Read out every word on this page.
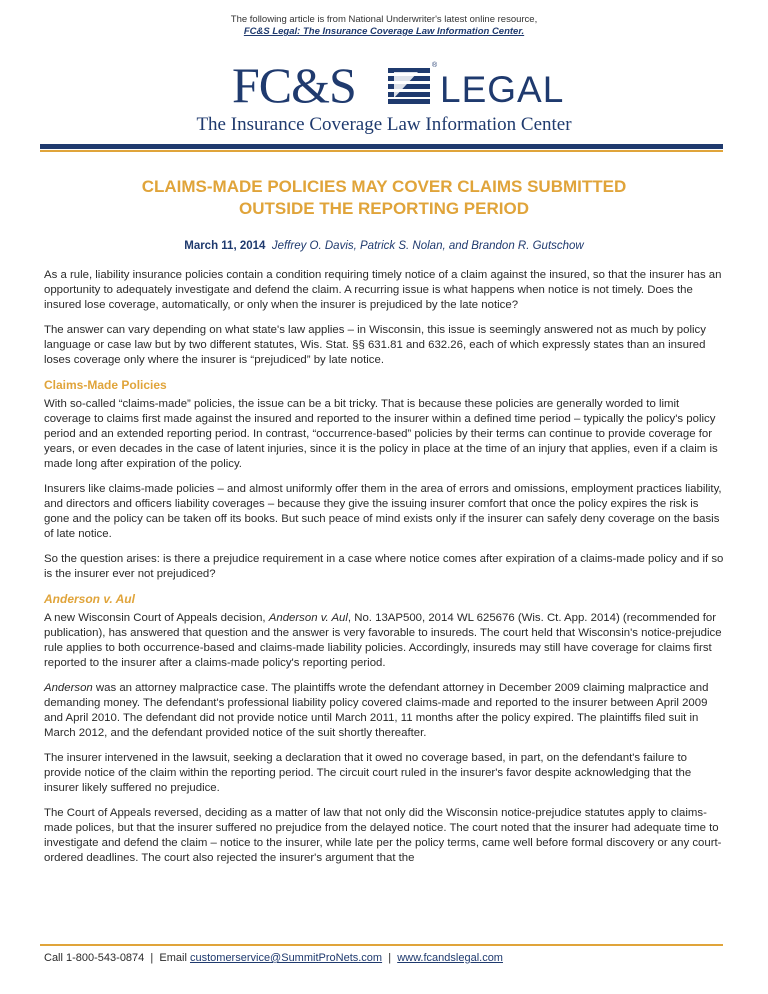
The following article is from National Underwriter's latest online resource,
FC&S Legal: The Insurance Coverage Law Information Center.
FC&S	®
LEGAL
The Insurance Coverage Law Information Center
CLAIMS-MADE POLICIES MAY COVER CLAIMS SUBMITTED
OUTSIDE THE REPORTING PERIOD
March 11, 2014 Jeffrey O. Davis, Patrick S. Nolan, and Brandon R. Gutschow

As a rule, liability insurance policies contain a condition requiring timely notice of a claim against the insured, so that the insurer has an opportunity to adequately investigate and defend the claim. A recurring issue is what happens when notice is not timely. Does the insured lose coverage, automatically, or only when the insurer is prejudiced by the late notice?

The answer can vary depending on what state's law applies – in Wisconsin, this issue is seemingly answered not as much by policy language or case law but by two different statutes, Wis. Stat. §§ 631.81 and 632.26, each of which expressly states than an insured loses coverage only where the insurer is “prejudiced” by late notice.

Claims-Made Policies

With so-called “claims-made” policies, the issue can be a bit tricky. That is because these policies are generally worded to limit coverage to claims first made against the insured and reported to the insurer within a defined time period – typically the policy's policy period and an extended reporting period. In contrast, “occurrence-based” policies by their terms can continue to provide coverage for years, or even decades in the case of latent injuries, since it is the policy in place at the time of an injury that applies, even if a claim is made long after expiration of the policy.

Insurers like claims-made policies – and almost uniformly offer them in the area of errors and omissions, employment practices liability, and directors and officers liability coverages – because they give the issuing insurer comfort that once the policy expires the risk is gone and the policy can be taken off its books. But such peace of mind exists only if the insurer can safely deny coverage on the basis of late notice.

So the question arises: is there a prejudice requirement in a case where notice comes after expiration of a claims-made policy and if so is the insurer ever not prejudiced?

Anderson v. Aul

A new Wisconsin Court of Appeals decision, Anderson v. Aul, No. 13AP500, 2014 WL 625676 (Wis. Ct. App. 2014) (recommended for publication), has answered that question and the answer is very favorable to insureds. The court held that Wisconsin's notice-prejudice rule applies to both occurrence-based and claims-made liability policies. Accordingly, insureds may still have coverage for claims first reported to the insurer after a claims-made policy's reporting period.

Anderson was an attorney malpractice case. The plaintiffs wrote the defendant attorney in December 2009 claiming malpractice and demanding money. The defendant's professional liability policy covered claims-made and reported to the insurer between April 2009 and April 2010. The defendant did not provide notice until March 2011, 11 months after the policy expired. The plaintiffs filed suit in March 2012, and the defendant provided notice of the suit shortly thereafter.

The insurer intervened in the lawsuit, seeking a declaration that it owed no coverage based, in part, on the defendant's failure to provide notice of the claim within the reporting period. The circuit court ruled in the insurer's favor despite acknowledging that the insurer likely suffered no prejudice.

The Court of Appeals reversed, deciding as a matter of law that not only did the Wisconsin notice-prejudice statutes apply to claims-made polices, but that the insurer suffered no prejudice from the delayed notice. The court noted that the insurer had adequate time to investigate and defend the claim – notice to the insurer, while late per the policy terms, came well before formal discovery or any court-ordered deadlines. The court also rejected the insurer's argument that the

Call 1-800-543-0874 | Email customerservice@SummitProNets.com | www.fcandslegal.com
